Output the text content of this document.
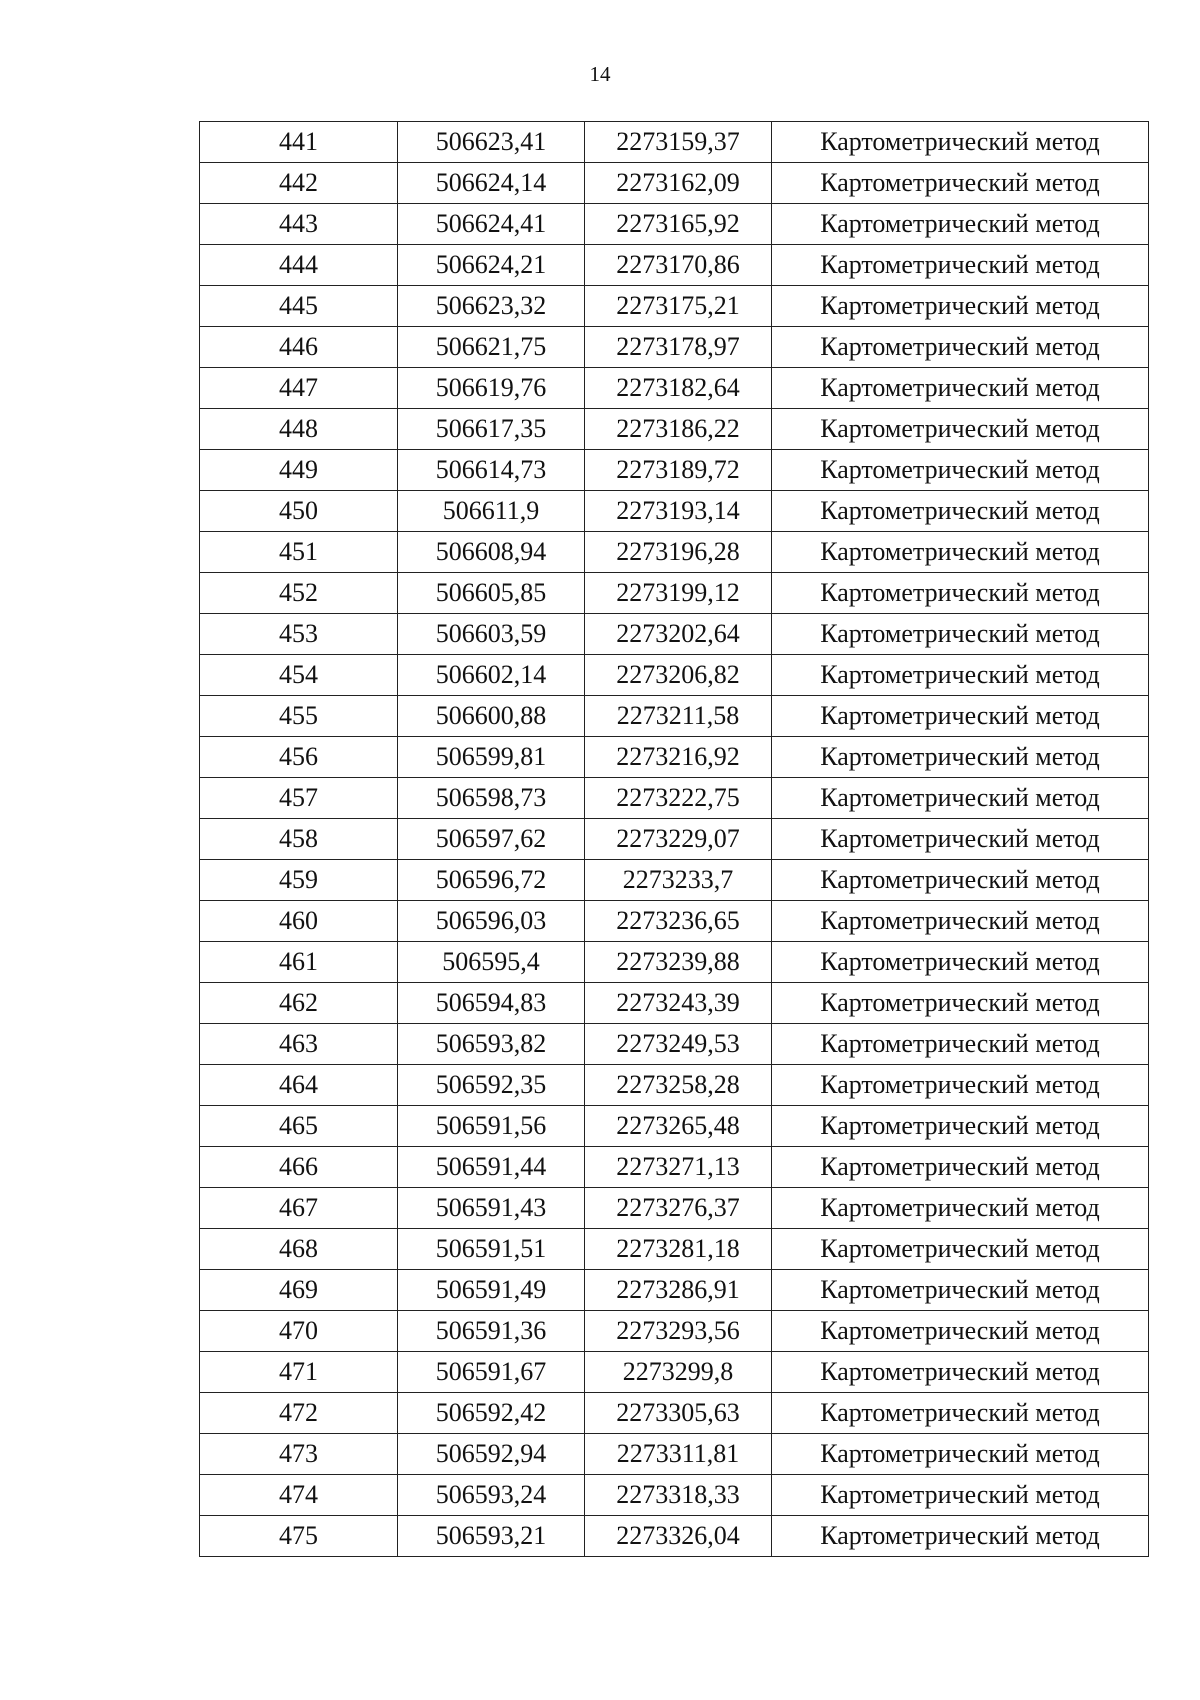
14
441	506623,41	2273159,37	Картометрический метод
442	506624,14	2273162,09	Картометрический метод
443	506624,41	2273165,92	Картометрический метод
444	506624,21	2273170,86	Картометрический метод
445	506623,32	2273175,21	Картометрический метод
446	506621,75	2273178,97	Картометрический метод
447	506619,76	2273182,64	Картометрический метод
448	506617,35	2273186,22	Картометрический метод
449	506614,73	2273189,72	Картометрический метод
450	506611,9	2273193,14	Картометрический метод
451	506608,94	2273196,28	Картометрический метод
452	506605,85	2273199,12	Картометрический метод
453	506603,59	2273202,64	Картометрический метод
454	506602,14	2273206,82	Картометрический метод
455	506600,88	2273211,58	Картометрический метод
456	506599,81	2273216,92	Картометрический метод
457	506598,73	2273222,75	Картометрический метод
458	506597,62	2273229,07	Картометрический метод
459	506596,72	2273233,7	Картометрический метод
460	506596,03	2273236,65	Картометрический метод
461	506595,4	2273239,88	Картометрический метод
462	506594,83	2273243,39	Картометрический метод
463	506593,82	2273249,53	Картометрический метод
464	506592,35	2273258,28	Картометрический метод
465	506591,56	2273265,48	Картометрический метод
466	506591,44	2273271,13	Картометрический метод
467	506591,43	2273276,37	Картометрический метод
468	506591,51	2273281,18	Картометрический метод
469	506591,49	2273286,91	Картометрический метод
470	506591,36	2273293,56	Картометрический метод
471	506591,67	2273299,8	Картометрический метод
472	506592,42	2273305,63	Картометрический метод
473	506592,94	2273311,81	Картометрический метод
474	506593,24	2273318,33	Картометрический метод
475	506593,21	2273326,04	Картометрический метод
